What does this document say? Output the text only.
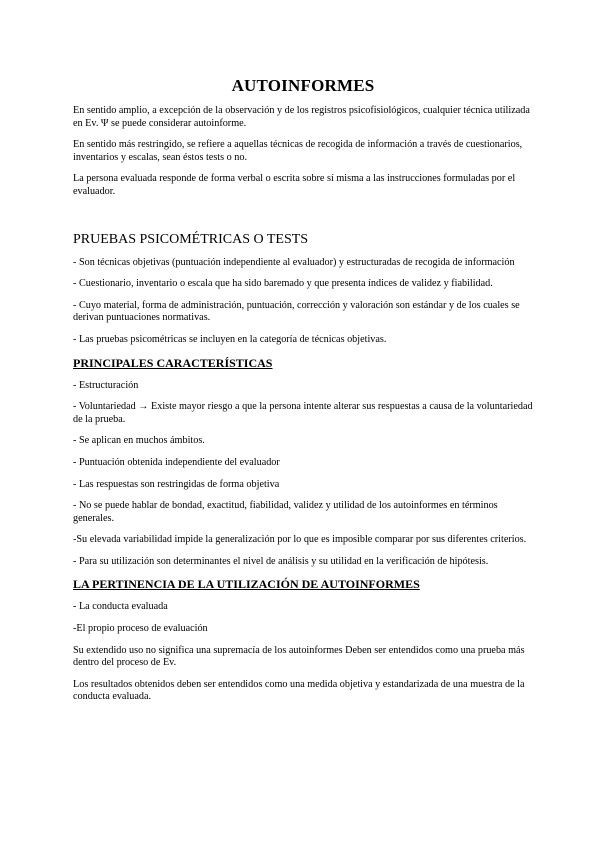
AUTOINFORMES

En sentido amplio, a excepción de la observación y de los registros psicofisiológicos, cualquier técnica utilizada en Ev. Ψ se puede considerar autoinforme.

En sentido más restringido, se refiere a aquellas técnicas de recogida de información a través de cuestionarios, inventarios y escalas, sean éstos tests o no.

La persona evaluada responde de forma verbal o escrita sobre sí misma a las instrucciones formuladas por el evaluador.

PRUEBAS PSICOMÉTRICAS O TESTS

- Son técnicas objetivas (puntuación independiente al evaluador) y estructuradas de recogida de información

- Cuestionario, inventario o escala que ha sido baremado y que presenta índices de validez y fiabilidad.

- Cuyo material, forma de administración, puntuación, corrección y valoración son estándar y de los cuales se derivan puntuaciones normativas.

- Las pruebas psicométricas se incluyen en la categoría de técnicas objetivas.

PRINCIPALES CARACTERÍSTICAS

- Estructuración

- Voluntariedad → Existe mayor riesgo a que la persona intente alterar sus respuestas a causa de la voluntariedad de la prueba.

- Se aplican en muchos ámbitos.

- Puntuación obtenida independiente del evaluador

- Las respuestas son restringidas de forma objetiva

- No se puede hablar de bondad, exactitud, fiabilidad, validez y utilidad de los autoinformes en términos generales.

-Su elevada variabilidad impide la generalización por lo que es imposible comparar por sus diferentes criterios.

- Para su utilización son determinantes el nivel de análisis y su utilidad en la verificación de hipótesis.

LA PERTINENCIA DE LA UTILIZACIÓN DE AUTOINFORMES

- La conducta evaluada

-El propio proceso de evaluación

Su extendido uso no significa una supremacía de los autoinformes Deben ser entendidos como una prueba más dentro del proceso de Ev.

Los resultados obtenidos deben ser entendidos como una medida objetiva y estandarizada de una muestra de la conducta evaluada.
